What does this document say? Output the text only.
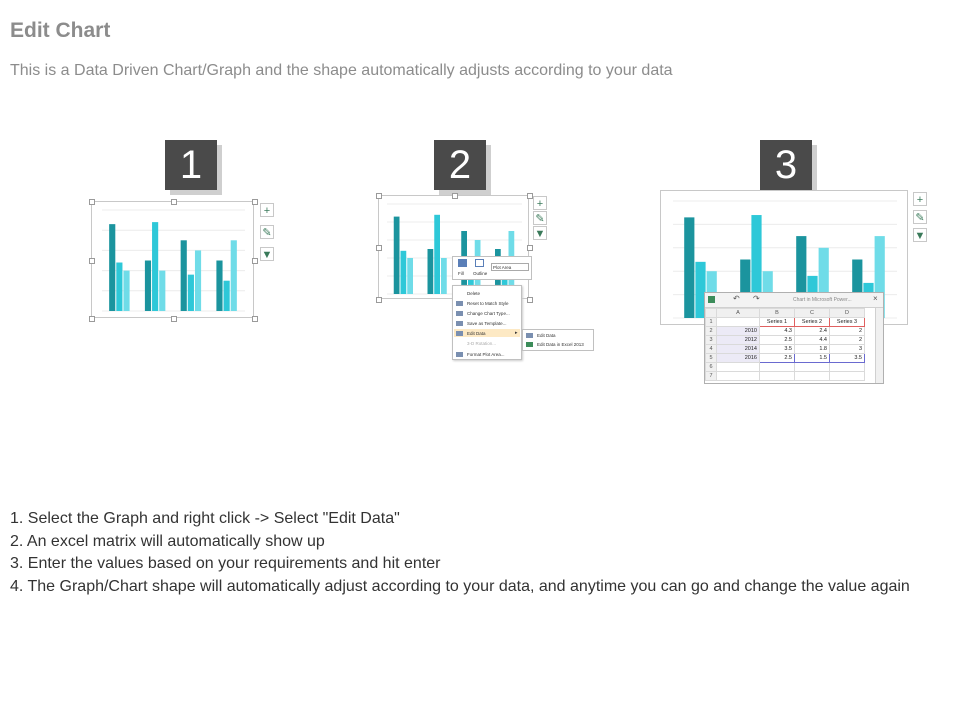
Edit Chart

This is a Data Driven Chart/Graph and the shape automatically adjusts according to your data

1	2	3
+
✎
▼
+
✎
▼
Fill Outline
Plot Area
Delete
Reset to Match Style
Change Chart Type...
Save as Template...
Edit Data	▸
3-D Rotation...
Format Plot Area...
Edit Data
Edit Data in Excel 2013
+
✎
▼
↶ ↷	Chart in Microsoft Power...	×
	A	B	C	D
1		Series 1	Series 2	Series 3
2	2010	4.3	2.4	2
3	2012	2.5	4.4	2
4	2014	3.5	1.8	3
5	2016	2.5	1.5	3.5
6				
7				

1. Select the Graph and right click -> Select "Edit Data"

2. An excel matrix will automatically show up

3. Enter the values based on your requirements and hit enter

4. The Graph/Chart shape will automatically adjust according to your data, and anytime you can go and change the value again
